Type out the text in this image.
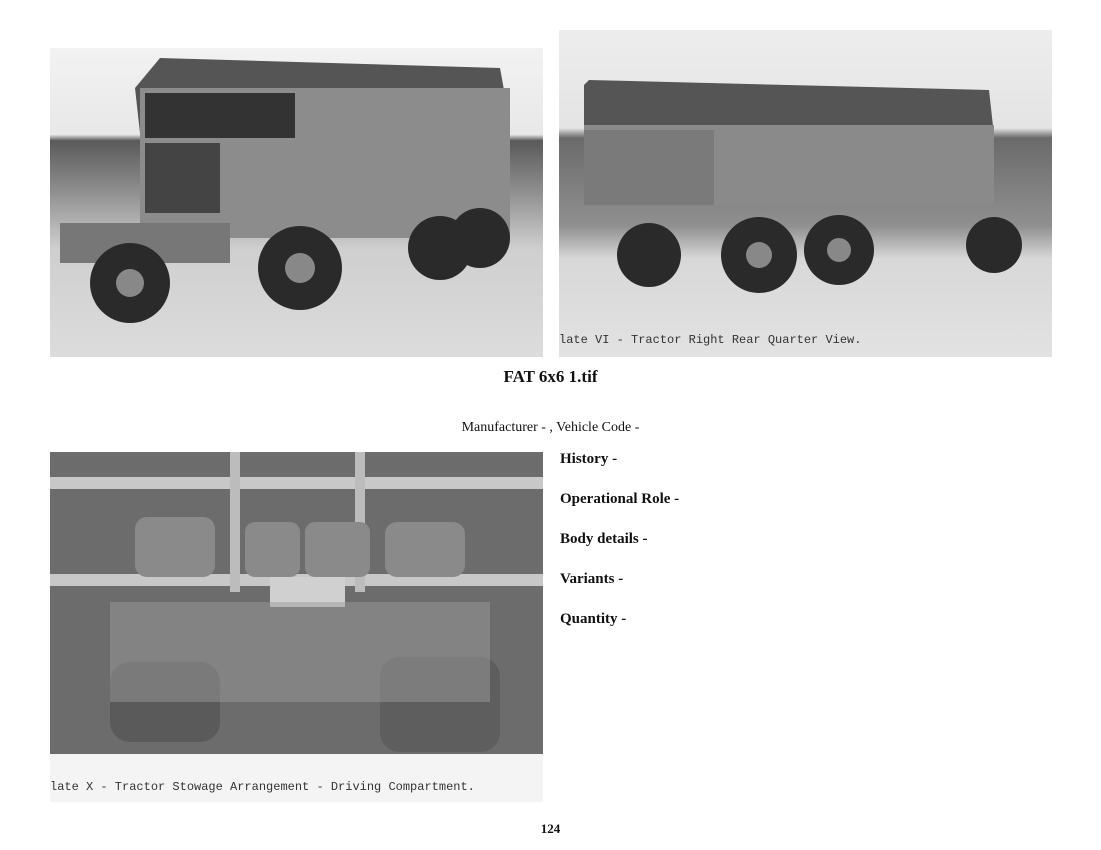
late VI - Tractor Right Rear Quarter View.
FAT 6x6 1.tif
Manufacturer - , Vehicle Code -
late X - Tractor Stowage Arrangement - Driving Compartment.
History -
Operational Role -
Body details -
Variants -
Quantity -
124
